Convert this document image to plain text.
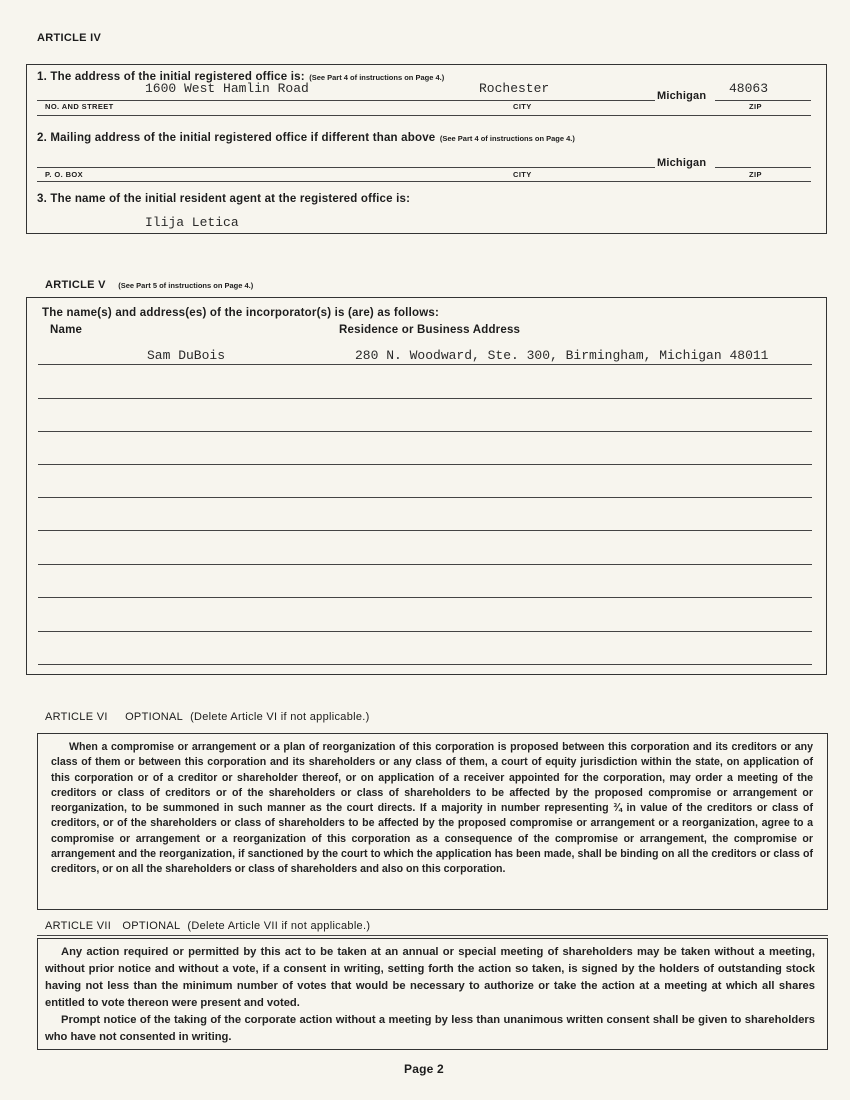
ARTICLE IV
1. The address of the initial registered office is: (See Part 4 of instructions on Page 4.)
1600 West Hamlin Road	Rochester	Michigan 48063
NO. AND STREET	CITY	ZIP
2. Mailing address of the initial registered office if different than above (See Part 4 of instructions on Page 4.)
Michigan
P. O. BOX	CITY	ZIP
3. The name of the initial resident agent at the registered office is:
Ilija Letica
ARTICLE V (See Part 5 of instructions on Page 4.)
The name(s) and address(es) of the incorporator(s) is (are) as follows:
Name	Residence or Business Address
Sam DuBois	280 N. Woodward, Ste. 300, Birmingham, Michigan 48011
ARTICLE VI OPTIONAL (Delete Article VI if not applicable.)
When a compromise or arrangement or a plan of reorganization of this corporation is proposed between this corporation and its creditors or any class of them or between this corporation and its shareholders or any class of them, a court of equity jurisdiction within the state, on application of this corporation or of a creditor or shareholder thereof, or on application of a receiver appointed for the corporation, may order a meeting of the creditors or class of creditors or of the shareholders or class of shareholders to be affected by the proposed compromise or arrangement or reorganization, to be summoned in such manner as the court directs. If a majority in number representing ¾ in value of the creditors or class of creditors, or of the shareholders or class of shareholders to be affected by the proposed compromise or arrangement or a reorganization, agree to a compromise or arrangement or a reorganization of this corporation as a consequence of the compromise or arrangement, the compromise or arrangement and the reorganization, if sanctioned by the court to which the application has been made, shall be binding on all the creditors or class of creditors, or on all the shareholders or class of shareholders and also on this corporation.
ARTICLE VII OPTIONAL (Delete Article VII if not applicable.)
Any action required or permitted by this act to be taken at an annual or special meeting of shareholders may be taken without a meeting, without prior notice and without a vote, if a consent in writing, setting forth the action so taken, is signed by the holders of outstanding stock having not less than the minimum number of votes that would be necessary to authorize or take the action at a meeting at which all shares entitled to vote thereon were present and voted.
Prompt notice of the taking of the corporate action without a meeting by less than unanimous written consent shall be given to shareholders who have not consented in writing.
Page 2
